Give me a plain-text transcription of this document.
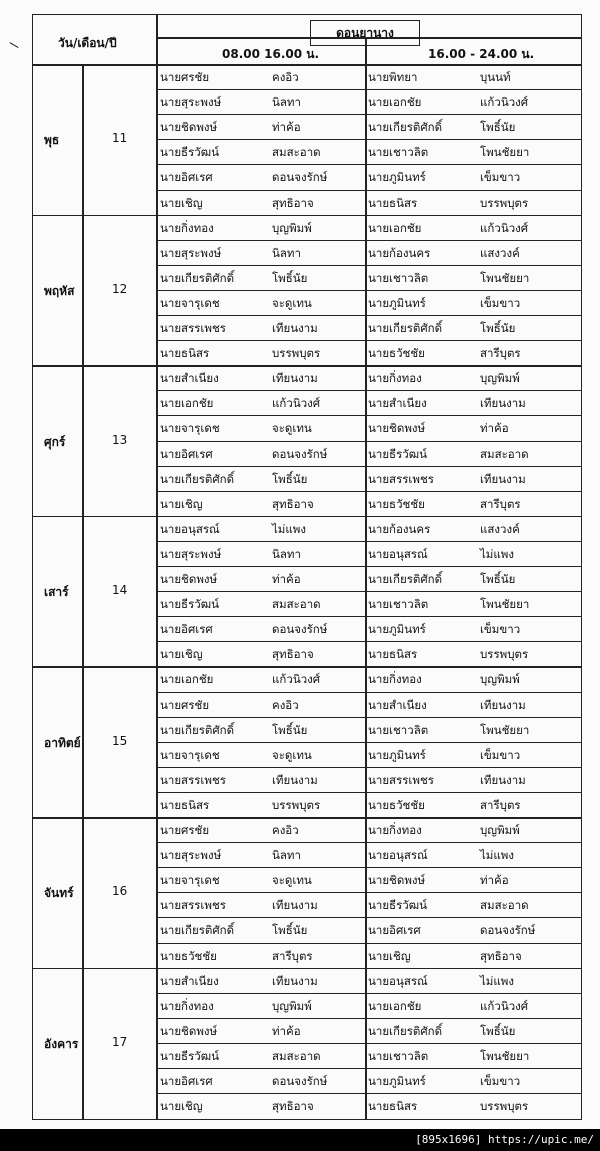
วัน/เดือน/ปี
ดอนยานาง
08.00 16.00 น.	16.00 - 24.00 น.
พุธ	11
นายศรชัย	คงอิว	นายพิทยา	บุนนท์
นายสุระพงษ์	นิลทา	นายเอกชัย	แก้วนิวงศ์
นายชิดพงษ์	ท่าค้อ	นายเกียรติศักดิ์	โพธิ์นัย
นายธีรวัฒน์	สมสะอาด	นายเชาวลิต	โพนชัยยา
นายอิศเรศ	ดอนจงรักษ์	นายภูมินทร์	เข็มขาว
นายเชิญ	สุทธิอาจ	นายธนิสร	บรรพบุตร
พฤหัส	12
นายกิ่งทอง	บุญพิมพ์	นายเอกชัย	แก้วนิวงศ์
นายสุระพงษ์	นิลทา	นายก้องนคร	แสงวงค์
นายเกียรติศักดิ์	โพธิ์นัย	นายเชาวลิต	โพนชัยยา
นายจารุเดช	จะดูเทน	นายภูมินทร์	เข็มขาว
นายสรรเพชร	เทียนงาม	นายเกียรติศักดิ์	โพธิ์นัย
นายธนิสร	บรรพบุตร	นายธวัชชัย	สารีบุตร
ศุกร์	13
นายสำเนียง	เทียนงาม	นายกิ่งทอง	บุญพิมพ์
นายเอกชัย	แก้วนิวงศ์	นายสำเนียง	เทียนงาม
นายจารุเดช	จะดูเทน	นายชิดพงษ์	ท่าค้อ
นายอิศเรศ	ดอนจงรักษ์	นายธีรวัฒน์	สมสะอาด
นายเกียรติศักดิ์	โพธิ์นัย	นายสรรเพชร	เทียนงาม
นายเชิญ	สุทธิอาจ	นายธวัชชัย	สารีบุตร
เสาร์	14
นายอนุสรณ์	ไม่แพง	นายก้องนคร	แสงวงค์
นายสุระพงษ์	นิลทา	นายอนุสรณ์	ไม่แพง
นายชิดพงษ์	ท่าค้อ	นายเกียรติศักดิ์	โพธิ์นัย
นายธีรวัฒน์	สมสะอาด	นายเชาวลิต	โพนชัยยา
นายอิศเรศ	ดอนจงรักษ์	นายภูมินทร์	เข็มขาว
นายเชิญ	สุทธิอาจ	นายธนิสร	บรรพบุตร
อาทิตย์	15
นายเอกชัย	แก้วนิวงศ์	นายกิ่งทอง	บุญพิมพ์
นายศรชัย	คงอิว	นายสำเนียง	เทียนงาม
นายเกียรติศักดิ์	โพธิ์นัย	นายเชาวลิต	โพนชัยยา
นายจารุเดช	จะดูเทน	นายภูมินทร์	เข็มขาว
นายสรรเพชร	เทียนงาม	นายสรรเพชร	เทียนงาม
นายธนิสร	บรรพบุตร	นายธวัชชัย	สารีบุตร
จันทร์	16
นายศรชัย	คงอิว	นายกิ่งทอง	บุญพิมพ์
นายสุระพงษ์	นิลทา	นายอนุสรณ์	ไม่แพง
นายจารุเดช	จะดูเทน	นายชิดพงษ์	ท่าค้อ
นายสรรเพชร	เทียนงาม	นายธีรวัฒน์	สมสะอาด
นายเกียรติศักดิ์	โพธิ์นัย	นายอิศเรศ	ดอนจงรักษ์
นายธวัชชัย	สารีบุตร	นายเชิญ	สุทธิอาจ
อังคาร	17
นายสำเนียง	เทียนงาม	นายอนุสรณ์	ไม่แพง
นายกิ่งทอง	บุญพิมพ์	นายเอกชัย	แก้วนิวงศ์
นายชิดพงษ์	ท่าค้อ	นายเกียรติศักดิ์	โพธิ์นัย
นายธีรวัฒน์	สมสะอาด	นายเชาวลิต	โพนชัยยา
นายอิศเรศ	ดอนจงรักษ์	นายภูมินทร์	เข็มขาว
นายเชิญ	สุทธิอาจ	นายธนิสร	บรรพบุตร
[895x1696] https://upic.me/
